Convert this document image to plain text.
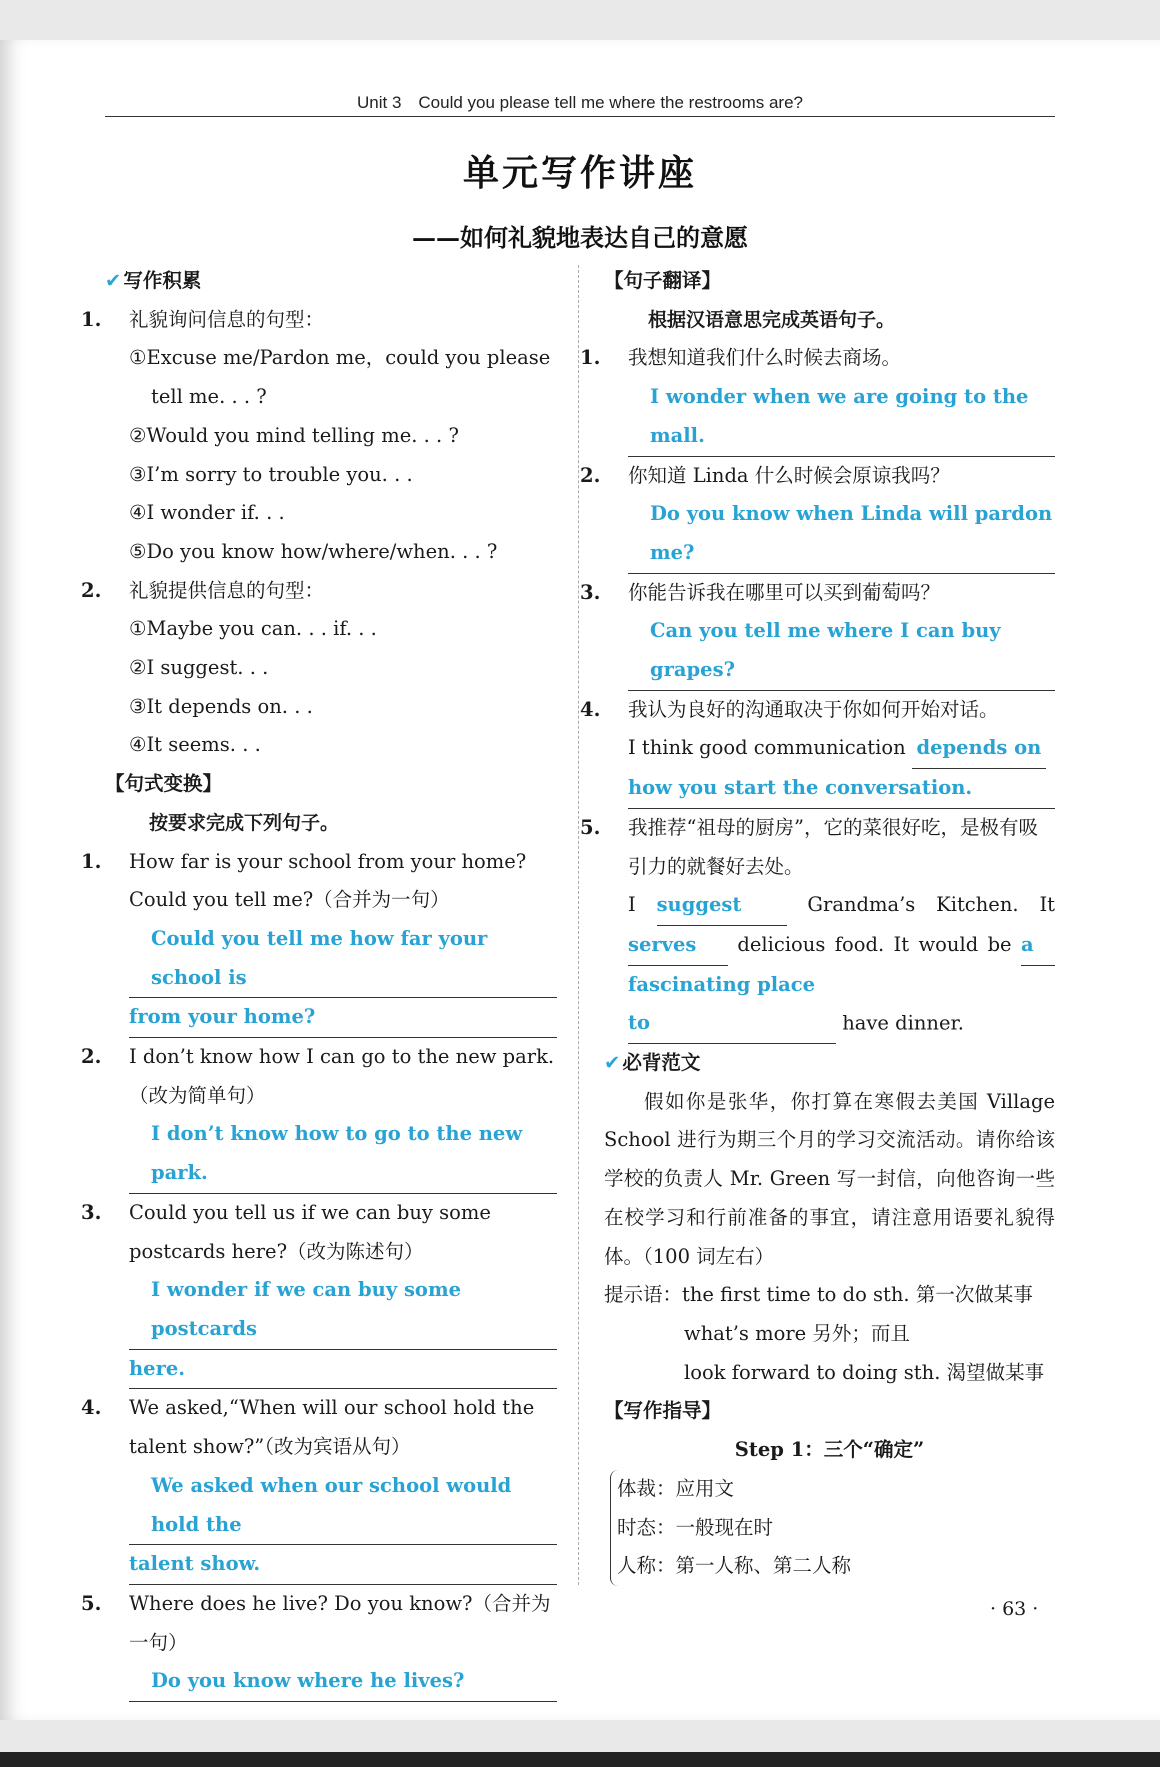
Unit 3　Could you please tell me where the restrooms are?
单元写作讲座
——如何礼貌地表达自己的意愿
✔ 写作积累
1. 礼貌询问信息的句型：
①Excuse me/Pardon me，could you please
tell me. . . ?
②Would you mind telling me. . . ?
③I’m sorry to trouble you. . .
④I wonder if. . .
⑤Do you know how/where/when. . . ?
2. 礼貌提供信息的句型：
①Maybe you can. . . if. . .
②I suggest. . .
③It depends on. . .
④It seems. . .
【句式变换】
按要求完成下列句子。
1. How far is your school from your home? Could you tell me?（合并为一句）
Could you tell me how far your school is
from your home?
2. I don’t know how I can go to the new park.（改为简单句）
I don’t know how to go to the new park.
3. Could you tell us if we can buy some postcards here?（改为陈述句）
I wonder if we can buy some postcards
here.
4. We asked,“When will our school hold the talent show?”（改为宾语从句）
We asked when our school would hold the
talent show.
5. Where does he live? Do you know?（合并为一句）
Do you know where he lives?
【句子翻译】
根据汉语意思完成英语句子。
1. 我想知道我们什么时候去商场。
I wonder when we are going to the mall.
2. 你知道 Linda 什么时候会原谅我吗？
Do you know when Linda will pardon me?
3. 你能告诉我在哪里可以买到葡萄吗？
Can you tell me where I can buy grapes?
4. 我认为良好的沟通取决于你如何开始对话。
I think good communication depends on
how you start the conversation.
5. 我推荐“祖母的厨房”，它的菜很好吃，是极有吸引力的就餐好去处。
I suggest	Grandma’s Kitchen. It
serves delicious food. It would be a
fascinating place to	have dinner.
✔ 必背范文
假如你是张华，你打算在寒假去美国 Village School 进行为期三个月的学习交流活动。请你给该学校的负责人 Mr. Green 写一封信，向他咨询一些在校学习和行前准备的事宜，请注意用语要礼貌得体。（100 词左右）
提示语：the first time to do sth. 第一次做某事
what’s more 另外；而且
look forward to doing sth. 渴望做某事
【写作指导】
Step 1：三个“确定”
体裁：应用文
时态：一般现在时
人称：第一人称、第二人称
· 63 ·
